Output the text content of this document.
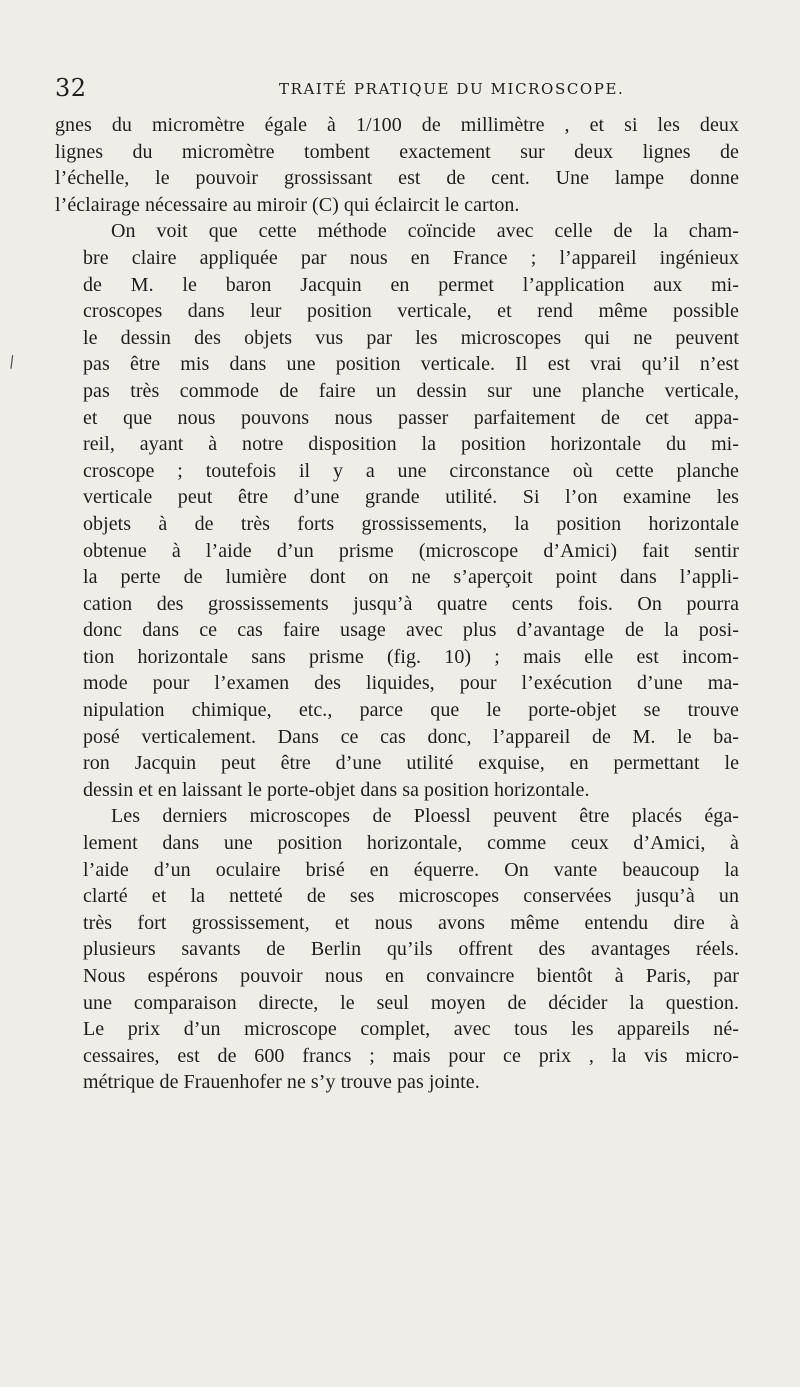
32	TRAITÉ PRATIQUE DU MICROSCOPE.
\
gnes du micromètre égale à 1/100 de millimètre , et si les deux
lignes du micromètre tombent exactement sur deux lignes de
l’échelle, le pouvoir grossissant est de cent. Une lampe donne
l’éclairage nécessaire au miroir (C) qui éclaircit le carton.
On voit que cette méthode coïncide avec celle de la cham-
bre claire appliquée par nous en France ; l’appareil ingénieux
de M. le baron Jacquin en permet l’application aux mi-
croscopes dans leur position verticale, et rend même possible
le dessin des objets vus par les microscopes qui ne peuvent
pas être mis dans une position verticale. Il est vrai qu’il n’est
pas très commode de faire un dessin sur une planche verticale,
et que nous pouvons nous passer parfaitement de cet appa-
reil, ayant à notre disposition la position horizontale du mi-
croscope ; toutefois il y a une circonstance où cette planche
verticale peut être d’une grande utilité. Si l’on examine les
objets à de très forts grossissements, la position horizontale
obtenue à l’aide d’un prisme (microscope d’Amici) fait sentir
la perte de lumière dont on ne s’aperçoit point dans l’appli-
cation des grossissements jusqu’à quatre cents fois. On pourra
donc dans ce cas faire usage avec plus d’avantage de la posi-
tion horizontale sans prisme (fig. 10) ; mais elle est incom-
mode pour l’examen des liquides, pour l’exécution d’une ma-
nipulation chimique, etc., parce que le porte-objet se trouve
posé verticalement. Dans ce cas donc, l’appareil de M. le ba-
ron Jacquin peut être d’une utilité exquise, en permettant le
dessin et en laissant le porte-objet dans sa position horizontale.
Les derniers microscopes de Ploessl peuvent être placés éga-
lement dans une position horizontale, comme ceux d’Amici, à
l’aide d’un oculaire brisé en équerre. On vante beaucoup la
clarté et la netteté de ses microscopes conservées jusqu’à un
très fort grossissement, et nous avons même entendu dire à
plusieurs savants de Berlin qu’ils offrent des avantages réels.
Nous espérons pouvoir nous en convaincre bientôt à Paris, par
une comparaison directe, le seul moyen de décider la question.
Le prix d’un microscope complet, avec tous les appareils né-
cessaires, est de 600 francs ; mais pour ce prix , la vis micro-
métrique de Frauenhofer ne s’y trouve pas jointe.
